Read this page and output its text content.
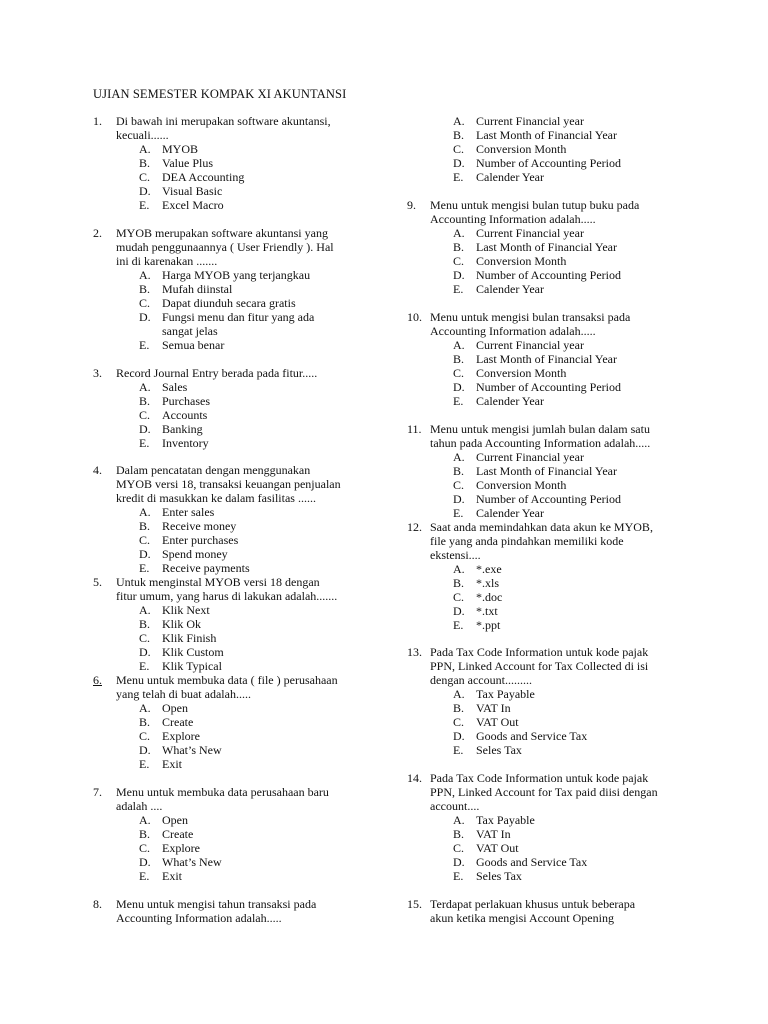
UJIAN SEMESTER KOMPAK XI AKUNTANSI
1.	Di bawah ini merupakan software akuntansi,
kecuali......
A. MYOB
B. Value Plus
C. DEA Accounting
D. Visual Basic
E. Excel Macro
2.	MYOB merupakan software akuntansi yang
mudah penggunaannya ( User Friendly ). Hal
ini di karenakan .......
A. Harga MYOB yang terjangkau
B. Mufah diinstal
C. Dapat diunduh secara gratis
D. Fungsi menu dan fitur yang ada
sangat jelas
E. Semua benar
3.	Record Journal Entry berada pada fitur.....
A. Sales
B. Purchases
C. Accounts
D. Banking
E. Inventory
4.	Dalam pencatatan dengan menggunakan
MYOB versi 18, transaksi keuangan penjualan
kredit di masukkan ke dalam fasilitas ......
A. Enter sales
B. Receive money
C. Enter purchases
D. Spend money
E. Receive payments
5.	Untuk menginstal MYOB versi 18 dengan
fitur umum, yang harus di lakukan adalah.......
A. Klik Next
B. Klik Ok
C. Klik Finish
D. Klik Custom
E. Klik Typical
6.	Menu untuk membuka data ( file ) perusahaan
yang telah di buat adalah.....
A. Open
B. Create
C. Explore
D. What’s New
E. Exit
7.	Menu untuk membuka data perusahaan baru
adalah ....
A. Open
B. Create
C. Explore
D. What’s New
E. Exit
8.	Menu untuk mengisi tahun transaksi pada
Accounting Information adalah.....
A. Current Financial year
B. Last Month of Financial Year
C. Conversion Month
D. Number of Accounting Period
E. Calender Year
9.	Menu untuk mengisi bulan tutup buku pada
Accounting Information adalah.....
A. Current Financial year
B. Last Month of Financial Year
C. Conversion Month
D. Number of Accounting Period
E. Calender Year
10. Menu untuk mengisi bulan transaksi pada
Accounting Information adalah.....
A. Current Financial year
B. Last Month of Financial Year
C. Conversion Month
D. Number of Accounting Period
E. Calender Year
11. Menu untuk mengisi jumlah bulan dalam satu
tahun pada Accounting Information adalah.....
A. Current Financial year
B. Last Month of Financial Year
C. Conversion Month
D. Number of Accounting Period
E. Calender Year
12. Saat anda memindahkan data akun ke MYOB,
file yang anda pindahkan memiliki kode
ekstensi....
A. *.exe
B. *.xls
C. *.doc
D. *.txt
E. *.ppt
13. Pada Tax Code Information untuk kode pajak
PPN, Linked Account for Tax Collected di isi
dengan account.........
A. Tax Payable
B. VAT In
C. VAT Out
D. Goods and Service Tax
E. Seles Tax
14. Pada Tax Code Information untuk kode pajak
PPN, Linked Account for Tax paid diisi dengan
account....
A. Tax Payable
B. VAT In
C. VAT Out
D. Goods and Service Tax
E. Seles Tax
15. Terdapat perlakuan khusus untuk beberapa
akun ketika mengisi Account Opening
